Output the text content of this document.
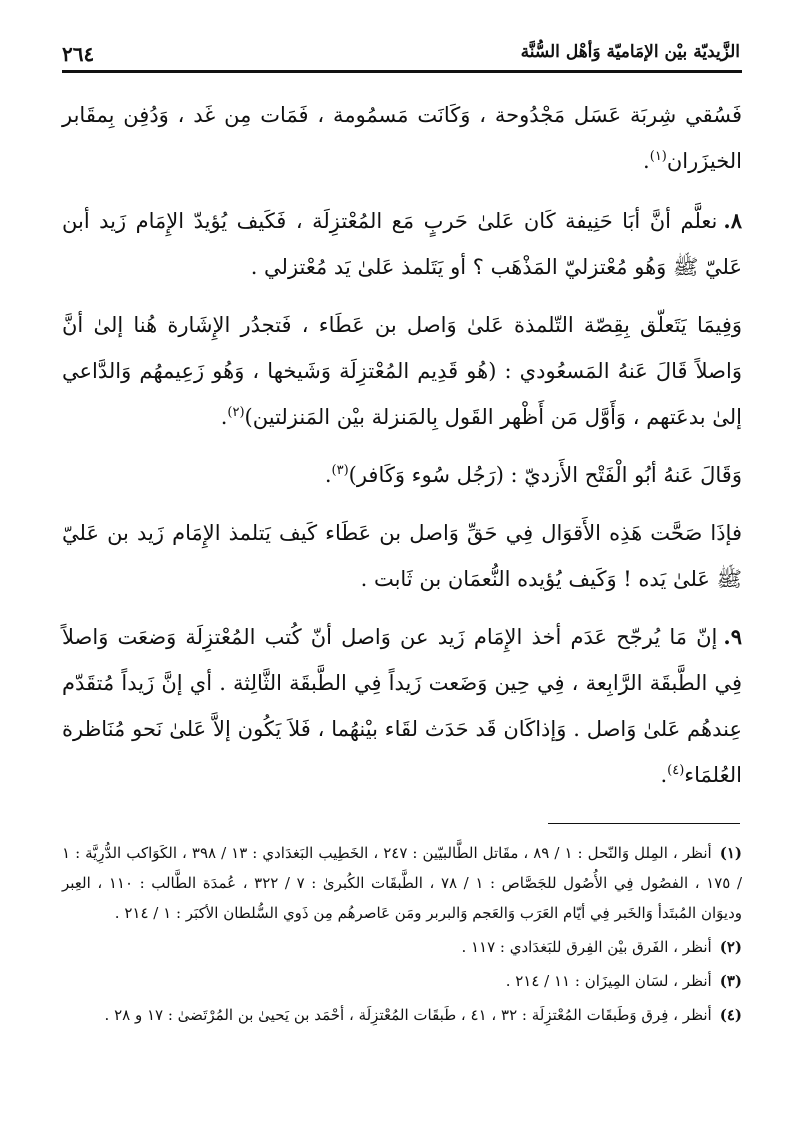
الزَّيديّة بيْن الإمَاميّة وَأهْل السُّنَّة
٢٦٤

فَسُقي شِربَة عَسَل مَجْدُوحة ، وَكَانَت مَسمُومة ، فَمَات مِن غَد ، وَدُفِن بِمقَابر الخيزَران$^{(١)}$.

٨.نعلَّم أنَّ أبَا حَنِيفة كَان عَلىٰ حَربٍ مَع المُعْتزِلَة ، فَكَيف يُؤيدّ الإِمَام زَيد أبن عَليّ ﷺ وَهُو مُعْتزليّ المَذْهَب ؟ أو يَتَلمذ عَلىٰ يَد مُعْتزلي .

وَفِيمَا يَتَعلّق بِقِصّة التّلمذة عَلىٰ وَاصل بن عَطَاء ، فَتجدُر الإِشَارة هُنا إلىٰ أنَّ وَاصلاً قَالَ عَنهُ المَسعُودي : (هُو قَدِيم المُعْتزِلَة وَشَيخها ، وَهُو زَعِيمهُم وَالدَّاعي إلىٰ بدعَتهم ، وَأَوَّل مَن أَظْهر القَول بِالمَنزلة بيْن المَنزلتين)$^{(٢)}$.

وَقَالَ عَنهُ أبُو الْفَتْح الأَزديّ : (رَجُل سُوء وَكَافر)$^{(٣)}$.

فإذَا صَحَّت هَذِه الأَقوَال فِي حَقِّ وَاصل بن عَطَاء كَيف يَتلمذ الإِمَام زَيد بن عَليّ ﷺ عَلىٰ يَده ! وَكَيف يُؤيده النُّعمَان بن ثَابت .

٩.إنّ مَا يُرجّح عَدَم أخذ الإِمَام زَيد عن وَاصل أنّ كُتب المُعْتزِلَة وَضعَت وَاصلاً فِي الطَّبقَة الرَّابِعة ، فِي حِين وَضَعت زَيداً فِي الطَّبقَة الثَّالِثة . أي إنَّ زَيداً مُتقَدّم عِندهُم عَلىٰ وَاصل . وَإذاكَان قَد حَدَث لقَاء بيْنهُما ، فَلاَ يَكُون إلاَّ عَلىٰ نَحو مُنَاظرة العُلمَاء$^{(٤)}$.

(١)أنظر ، المِلل وَالنّحل : ١ / ٨٩ ، مقَاتل الطَّالبيّين : ٢٤٧ ، الخَطِيب البَغدَادي : ١٣ / ٣٩٨ ، الكَوَاكب الدُّرِيَّة : ١ / ١٧٥ ، الفصُول فِي الأُصُول للجَصَّاص : ١ / ٧٨ ، الطَّبقَات الكُبرىٰ : ٧ / ٣٢٢ ، عُمدَة الطَّالب : ١١٠ ، العِبر وديوَان المُبتَدأ وَالخَبر فِي أيّام العَرَب وَالعَجم وَالبربر ومَن عَاصرهُم مِن ذَوي السُّلطان الأكبَر : ١ / ٢١٤ .

(٢)أنظر ، الفَرق بيْن الفِرق للبَغدَادي : ١١٧ .

(٣)أنظر ، لسَان المِيزَان : ١١ / ٢١٤ .

(٤)أنظر ، فِرق وَطَبقَات المُعْتزِلَة : ٣٢ ، ٤١ ، طَبقَات المُعْتزِلَة ، أحْمَد بن يَحيىٰ بن المُرْتَضىٰ : ١٧ و ٢٨ .
